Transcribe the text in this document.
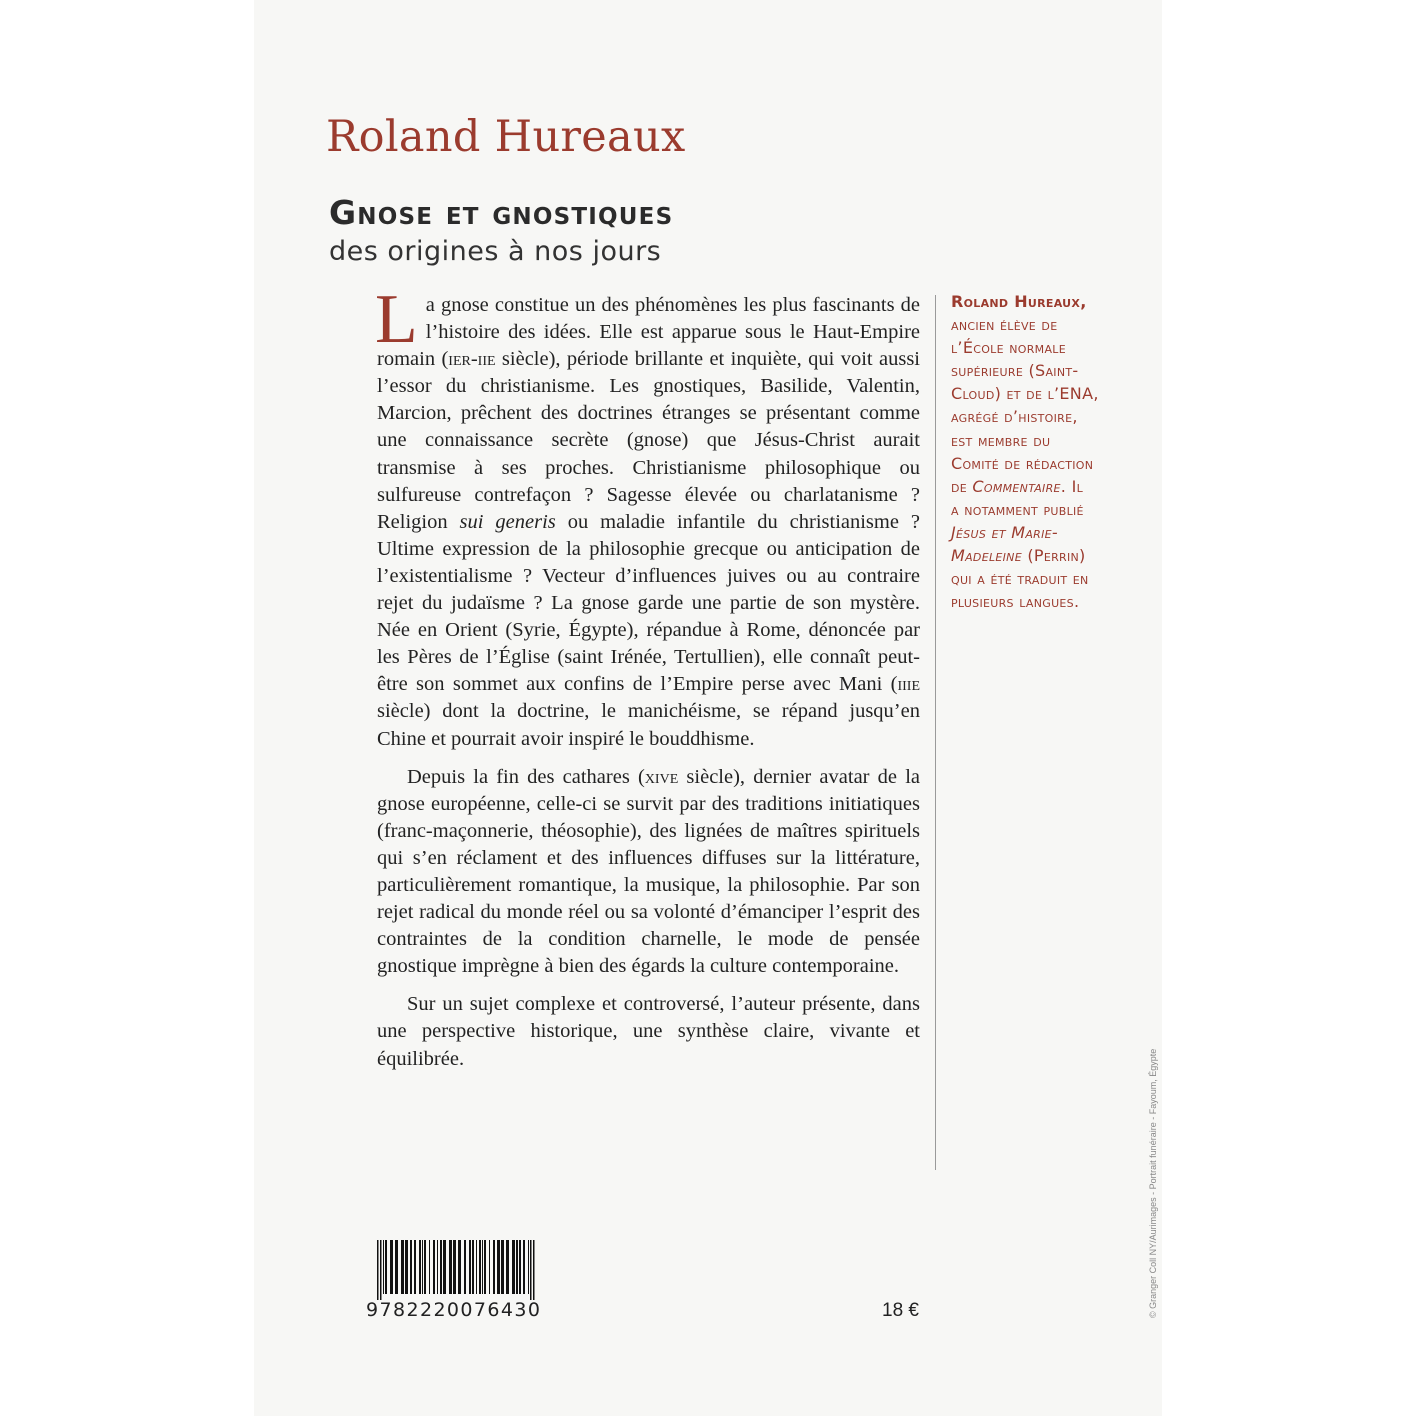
Roland Hureaux
Gnose et gnostiques
des origines à nos jours

La gnose constitue un des phénomènes les plus fascinants de l’histoire des idées. Elle est apparue sous le Haut-Empire romain (ier-iie siècle), période brillante et inquiète, qui voit aussi l’essor du christianisme. Les gnostiques, Basilide, Valentin, Marcion, prêchent des doctrines étranges se présentant comme une connaissance secrète (gnose) que Jésus-Christ aurait transmise à ses proches. Christianisme philosophique ou sulfureuse contrefaçon ? Sagesse élevée ou charlatanisme ? Religion sui generis ou maladie infantile du christianisme ? Ultime expression de la philosophie grecque ou anticipation de l’existentialisme ? Vecteur d’influences juives ou au contraire rejet du judaïsme ? La gnose garde une partie de son mystère. Née en Orient (Syrie, Égypte), répandue à Rome, dénoncée par les Pères de l’Église (saint Irénée, Tertullien), elle connaît peut-être son sommet aux confins de l’Empire perse avec Mani (iiie siècle) dont la doctrine, le manichéisme, se répand jusqu’en Chine et pourrait avoir inspiré le bouddhisme.

Depuis la fin des cathares (xive siècle), dernier avatar de la gnose européenne, celle-ci se survit par des traditions initiatiques (franc-maçonnerie, théosophie), des lignées de maîtres spirituels qui s’en réclament et des influences diffuses sur la littérature, particulièrement romantique, la musique, la philosophie. Par son rejet radical du monde réel ou sa volonté d’émanciper l’esprit des contraintes de la condition charnelle, le mode de pensée gnostique imprègne à bien des égards la culture contemporaine.

Sur un sujet complexe et controversé, l’auteur présente, dans une perspective historique, une synthèse claire, vivante et équilibrée.

Roland Hureaux,
ancien élève de
l’École normale
supérieure (Saint-
Cloud) et de l’ENA,
agrégé d’histoire,
est membre du
Comité de rédaction
de Commentaire. Il
a notamment publié
Jésus et Marie-
Madeleine (Perrin)
qui a été traduit en
plusieurs langues.
9782220076430	18 €	© Granger Coll NY/Aurimages - Portrait funéraire - Fayoum, Égypte
